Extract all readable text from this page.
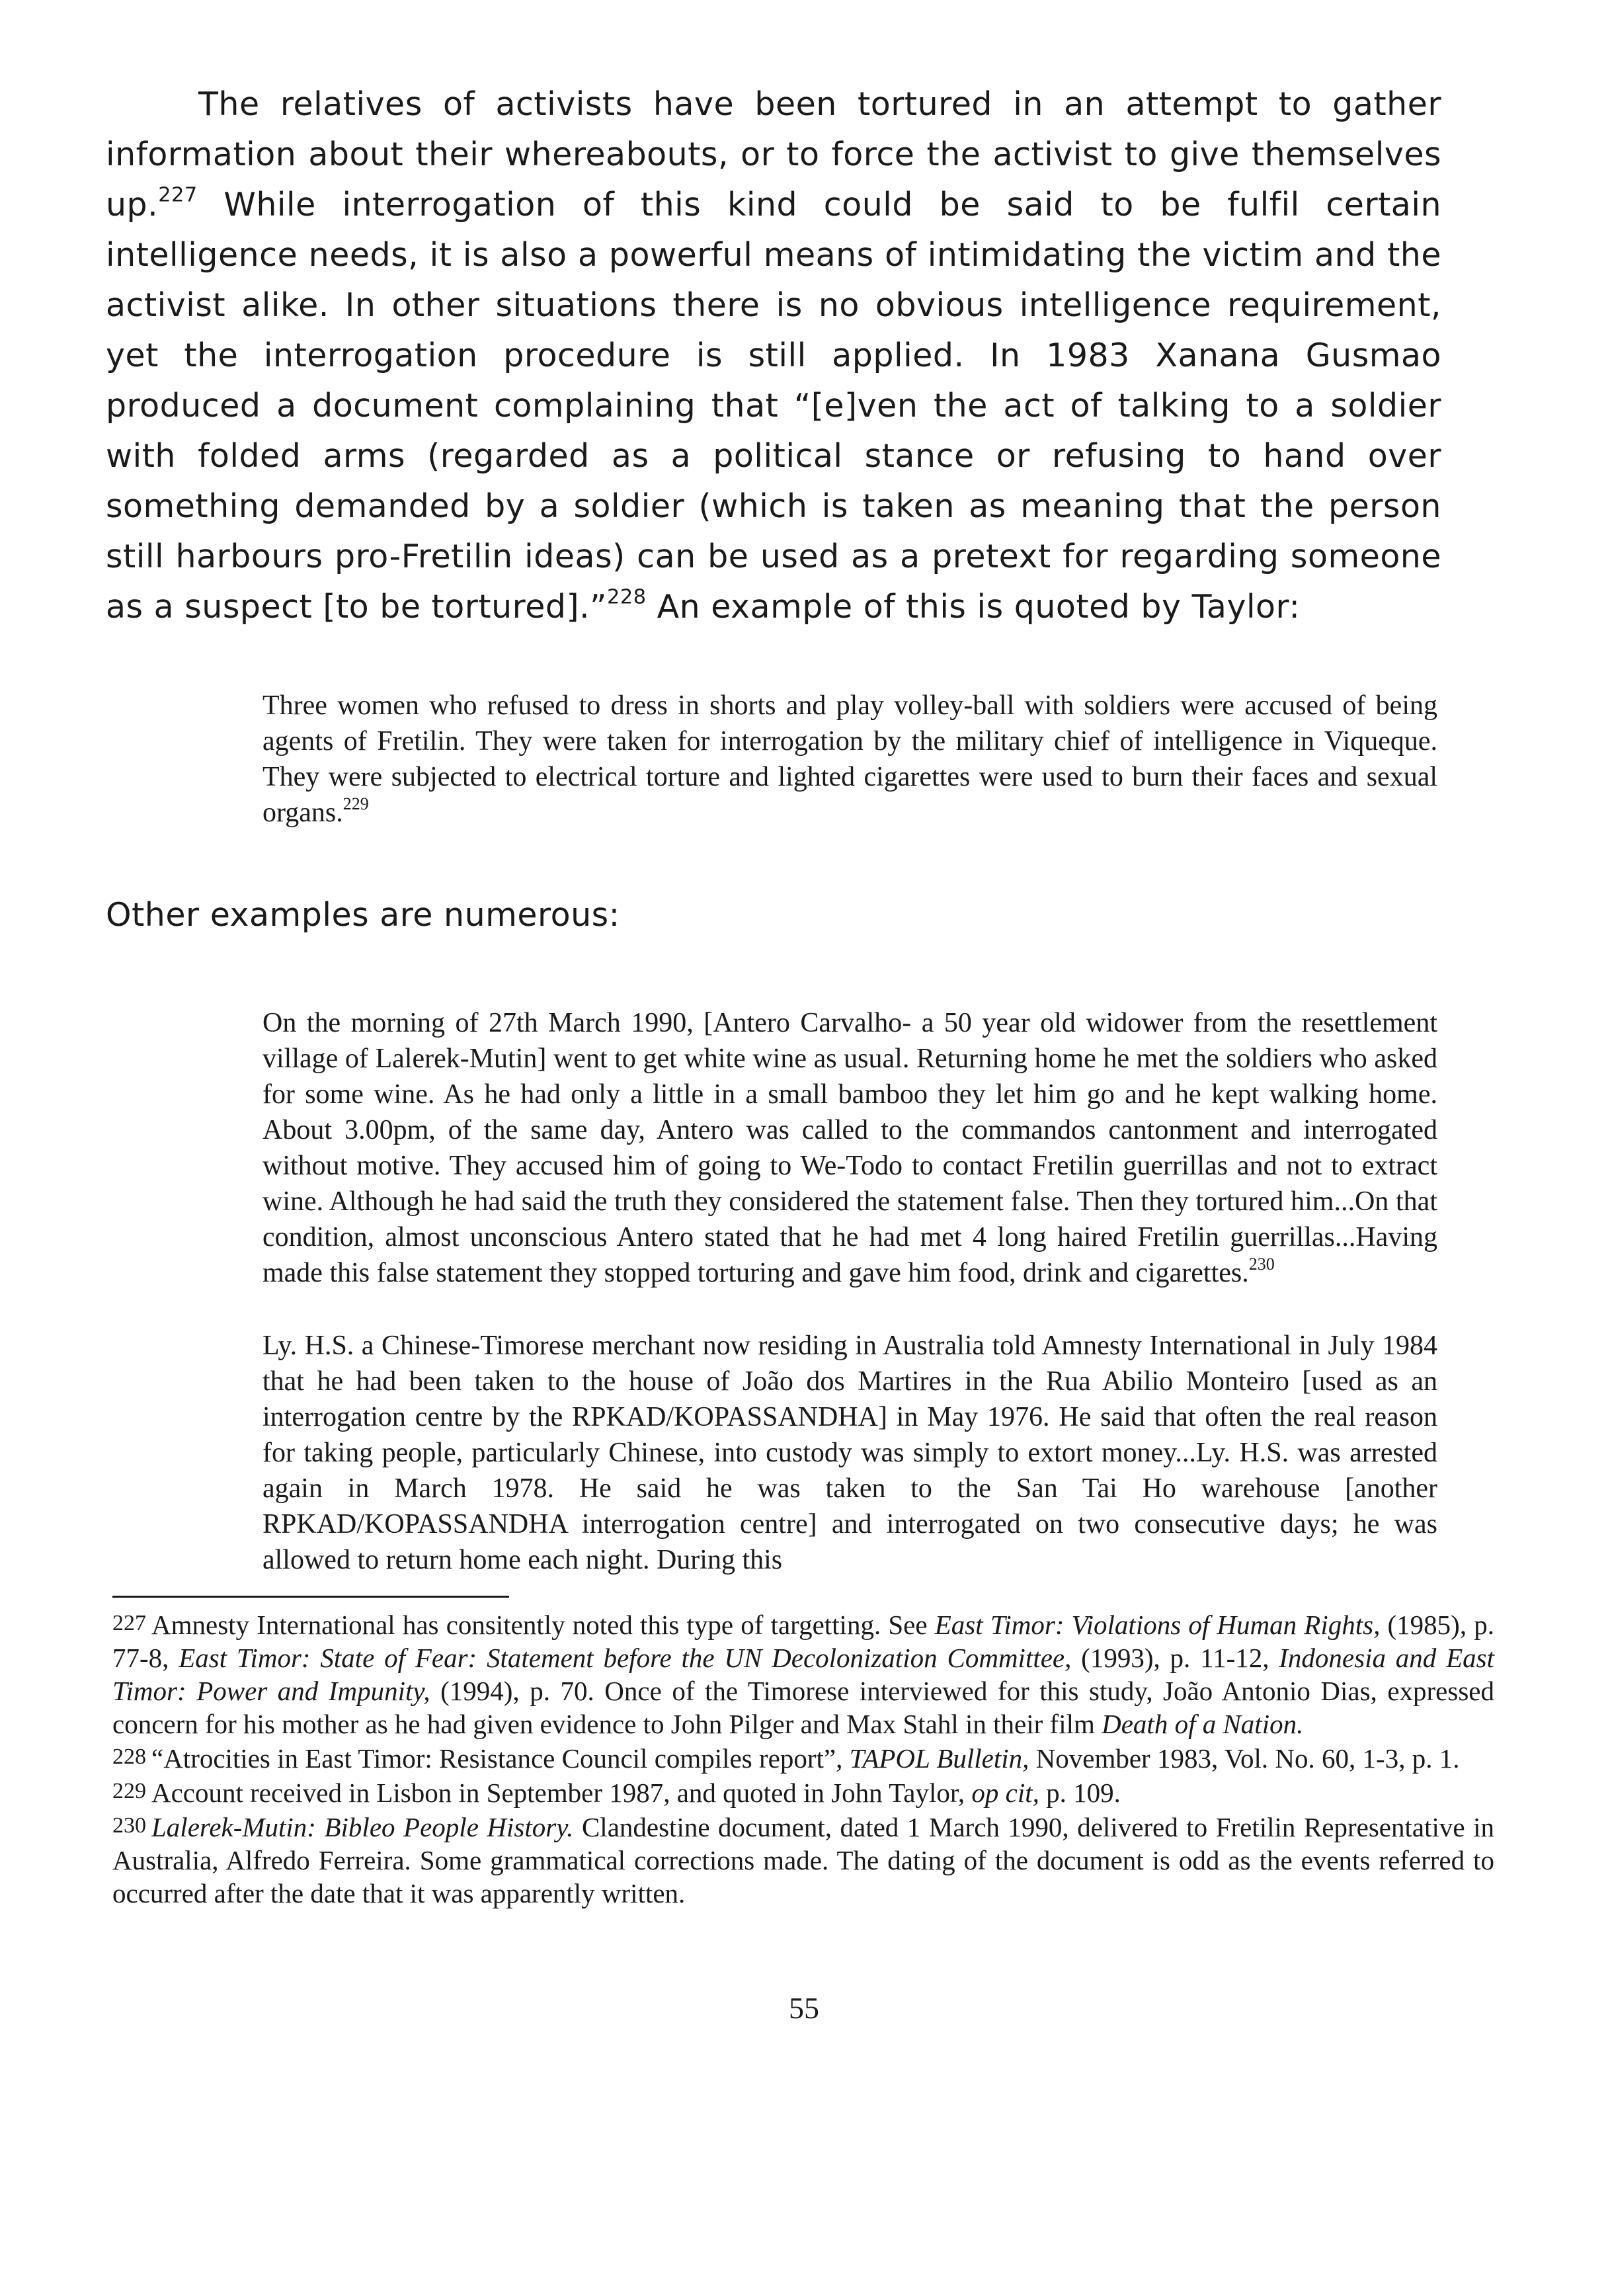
The relatives of activists have been tortured in an attempt to gather information about their whereabouts, or to force the activist to give themselves up.$^{227}$ While interrogation of this kind could be said to be fulfil certain intelligence needs, it is also a powerful means of intimidating the victim and the activist alike. In other situations there is no obvious intelligence requirement, yet the interrogation procedure is still applied. In 1983 Xanana Gusmao produced a document complaining that “[e]ven the act of talking to a soldier with folded arms (regarded as a political stance or refusing to hand over something demanded by a soldier (which is taken as meaning that the person still harbours pro-Fretilin ideas) can be used as a pretext for regarding someone as a suspect [to be tortured].”$^{228}$ An example of this is quoted by Taylor:

Three women who refused to dress in shorts and play volley-ball with soldiers were accused of being agents of Fretilin. They were taken for interrogation by the military chief of intelligence in Viqueque. They were subjected to electrical torture and lighted cigarettes were used to burn their faces and sexual organs.$^{229}$

Other examples are numerous:

On the morning of 27th March 1990, [Antero Carvalho- a 50 year old widower from the resettlement village of Lalerek-Mutin] went to get white wine as usual. Returning home he met the soldiers who asked for some wine. As he had only a little in a small bamboo they let him go and he kept walking home. About 3.00pm, of the same day, Antero was called to the commandos cantonment and interrogated without motive. They accused him of going to We-Todo to contact Fretilin guerrillas and not to extract wine. Although he had said the truth they considered the statement false. Then they tortured him...On that condition, almost unconscious Antero stated that he had met 4 long haired Fretilin guerrillas...Having made this false statement they stopped torturing and gave him food, drink and cigarettes.$^{230}$

Ly. H.S. a Chinese-Timorese merchant now residing in Australia told Amnesty International in July 1984 that he had been taken to the house of João dos Martires in the Rua Abilio Monteiro [used as an interrogation centre by the RPKAD/KOPASSANDHA] in May 1976. He said that often the real reason for taking people, particularly Chinese, into custody was simply to extort money...Ly. H.S. was arrested again in March 1978. He said he was taken to the San Tai Ho warehouse [another RPKAD/KOPASSANDHA interrogation centre] and interrogated on two consecutive days; he was allowed to return home each night. During this

227 Amnesty International has consitently noted this type of targetting. See East Timor: Violations of Human Rights, (1985), p. 77-8, East Timor: State of Fear: Statement before the UN Decolonization Committee, (1993), p. 11-12, Indonesia and East Timor: Power and Impunity, (1994), p. 70. Once of the Timorese interviewed for this study, João Antonio Dias, expressed concern for his mother as he had given evidence to John Pilger and Max Stahl in their film Death of a Nation.

228 “Atrocities in East Timor: Resistance Council compiles report”, TAPOL Bulletin, November 1983, Vol. No. 60, 1-3, p. 1.

229 Account received in Lisbon in September 1987, and quoted in John Taylor, op cit, p. 109.

230 Lalerek-Mutin: Bibleo People History. Clandestine document, dated 1 March 1990, delivered to Fretilin Representative in Australia, Alfredo Ferreira. Some grammatical corrections made. The dating of the document is odd as the events referred to occurred after the date that it was apparently written.

55
